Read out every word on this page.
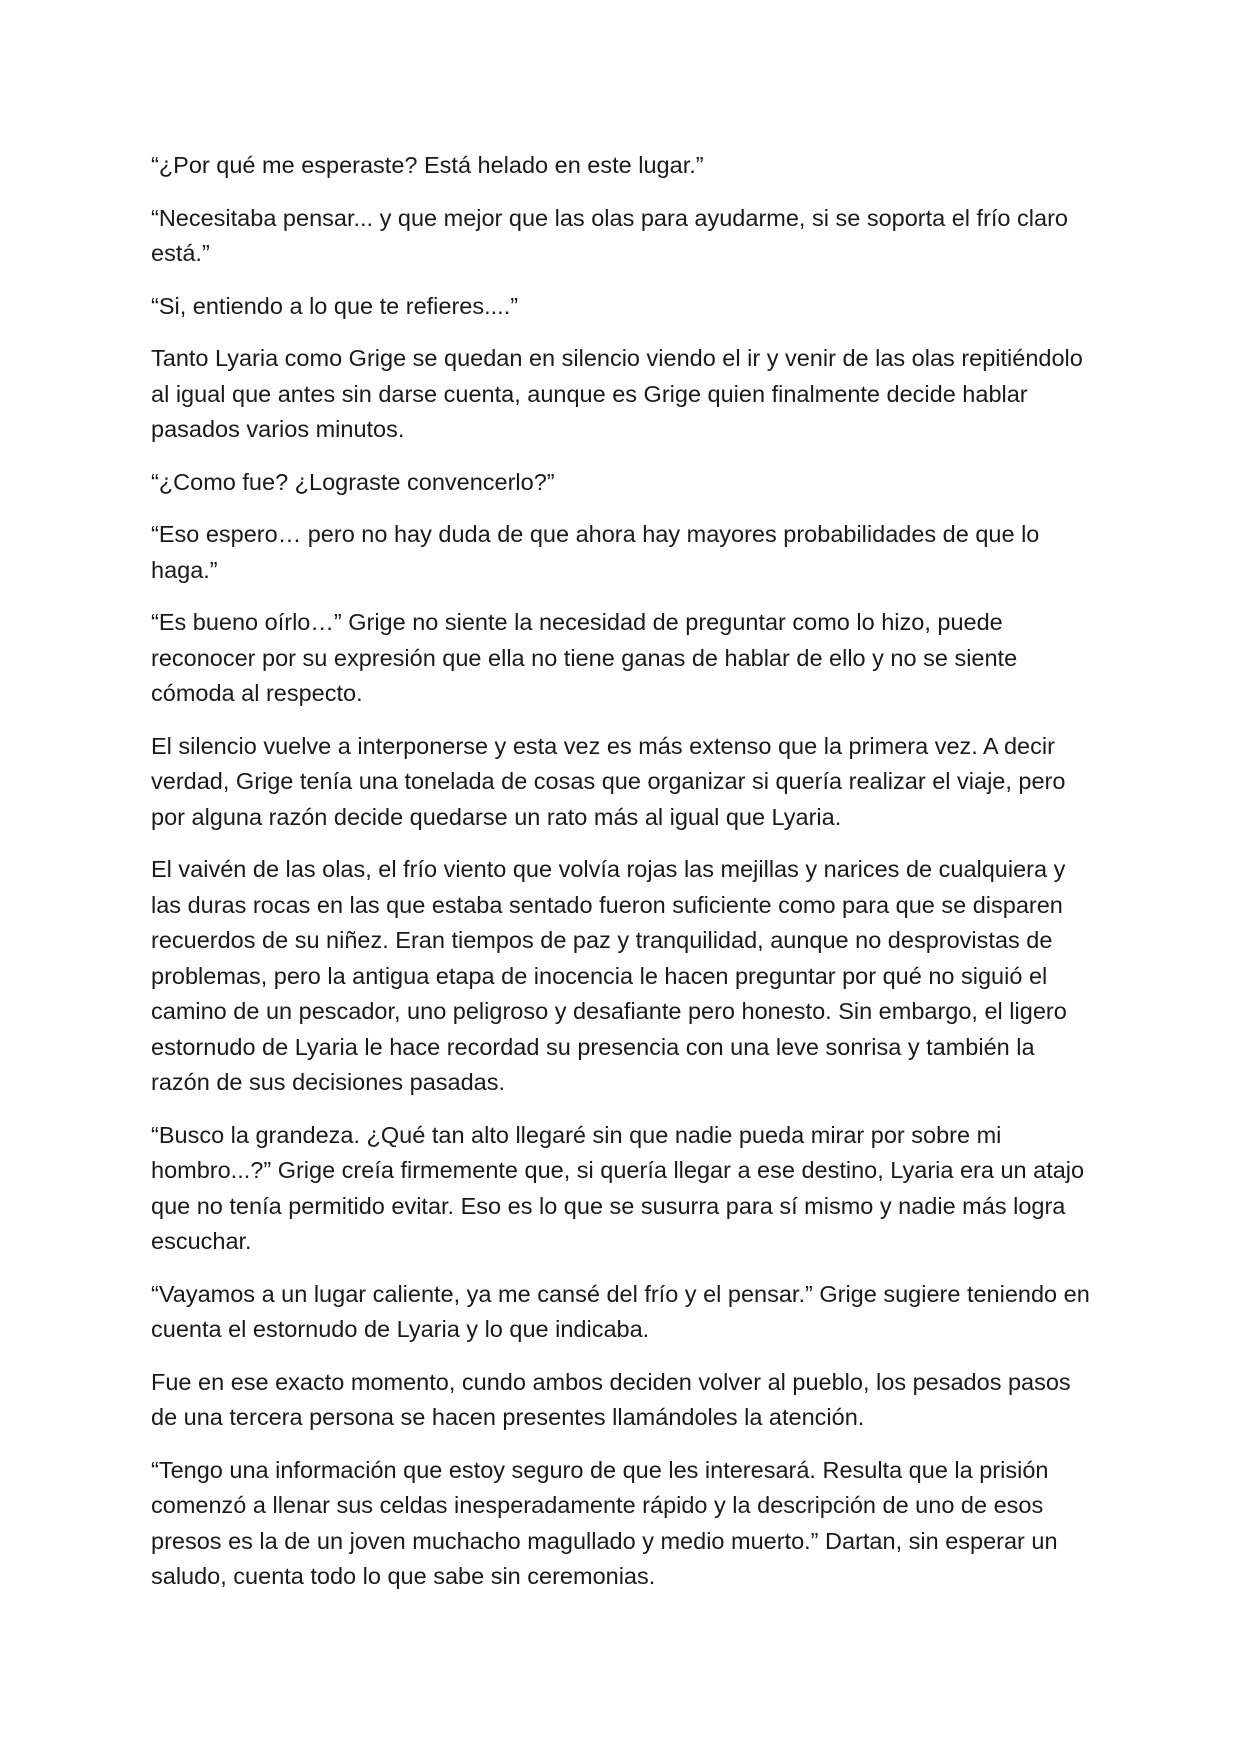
“¿Por qué me esperaste? Está helado en este lugar.”

“Necesitaba pensar... y que mejor que las olas para ayudarme, si se soporta el frío claro está.”

“Si, entiendo a lo que te refieres....”

Tanto Lyaria como Grige se quedan en silencio viendo el ir y venir de las olas repitiéndolo al igual que antes sin darse cuenta, aunque es Grige quien finalmente decide hablar pasados varios minutos.

“¿Como fue? ¿Lograste convencerlo?”

“Eso espero… pero no hay duda de que ahora hay mayores probabilidades de que lo haga.”

“Es bueno oírlo…” Grige no siente la necesidad de preguntar como lo hizo, puede reconocer por su expresión que ella no tiene ganas de hablar de ello y no se siente cómoda al respecto.

El silencio vuelve a interponerse y esta vez es más extenso que la primera vez. A decir verdad, Grige tenía una tonelada de cosas que organizar si quería realizar el viaje, pero por alguna razón decide quedarse un rato más al igual que Lyaria.

El vaivén de las olas, el frío viento que volvía rojas las mejillas y narices de cualquiera y las duras rocas en las que estaba sentado fueron suficiente como para que se disparen recuerdos de su niñez. Eran tiempos de paz y tranquilidad, aunque no desprovistas de problemas, pero la antigua etapa de inocencia le hacen preguntar por qué no siguió el camino de un pescador, uno peligroso y desafiante pero honesto. Sin embargo, el ligero estornudo de Lyaria le hace recordad su presencia con una leve sonrisa y también la razón de sus decisiones pasadas.

“Busco la grandeza. ¿Qué tan alto llegaré sin que nadie pueda mirar por sobre mi hombro...?” Grige creía firmemente que, si quería llegar a ese destino, Lyaria era un atajo que no tenía permitido evitar. Eso es lo que se susurra para sí mismo y nadie más logra escuchar.

“Vayamos a un lugar caliente, ya me cansé del frío y el pensar.” Grige sugiere teniendo en cuenta el estornudo de Lyaria y lo que indicaba.

Fue en ese exacto momento, cundo ambos deciden volver al pueblo, los pesados pasos de una tercera persona se hacen presentes llamándoles la atención.

“Tengo una información que estoy seguro de que les interesará. Resulta que la prisión comenzó a llenar sus celdas inesperadamente rápido y la descripción de uno de esos presos es la de un joven muchacho magullado y medio muerto.” Dartan, sin esperar un saludo, cuenta todo lo que sabe sin ceremonias.
